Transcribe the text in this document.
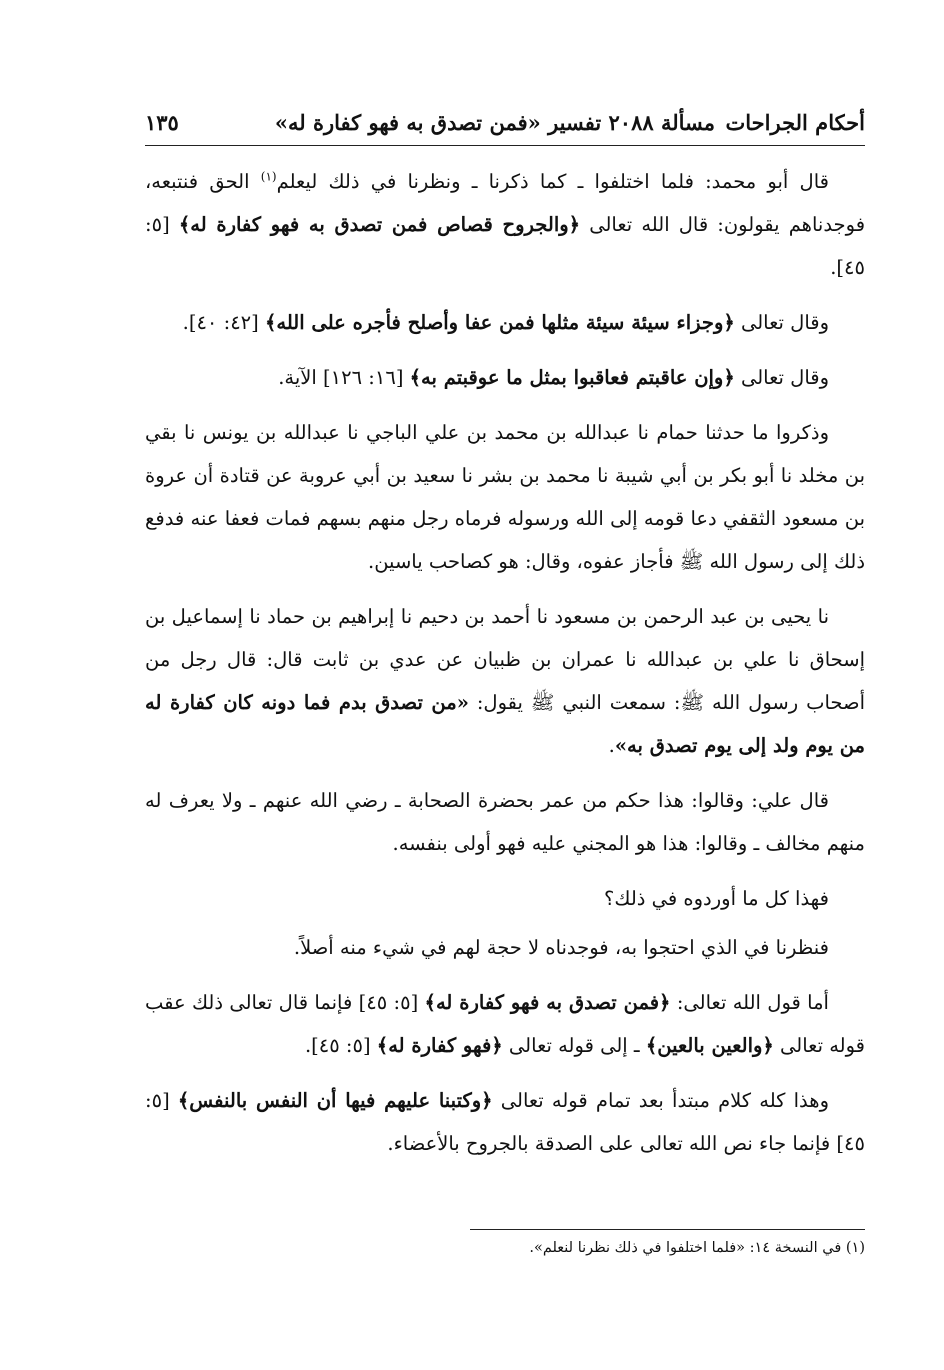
أحكام الجراحات
مسألة ٢٠٨٨ تفسير «فمن تصدق به فهو كفارة له»
١٣٥

قال أبو محمد: فلما اختلفوا ـ كما ذكرنا ـ ونظرنا في ذلك ليعلم$^{(١)}$ الحق فنتبعه، فوجدناهم يقولون: قال الله تعالى ﴿والجروح قصاص فمن تصدق به فهو كفارة له﴾ [٥: ٤٥].

وقال تعالى ﴿وجزاء سيئة سيئة مثلها فمن عفا وأصلح فأجره على الله﴾ [٤٢: ٤٠].

وقال تعالى ﴿وإن عاقبتم فعاقبوا بمثل ما عوقبتم به﴾ [١٦: ١٢٦] الآية.

وذكروا ما حدثنا حمام نا عبدالله بن محمد بن علي الباجي نا عبدالله بن يونس نا بقي بن مخلد نا أبو بكر بن أبي شيبة نا محمد بن بشر نا سعيد بن أبي عروبة عن قتادة أن عروة بن مسعود الثقفي دعا قومه إلى الله ورسوله فرماه رجل منهم بسهم فمات فعفا عنه فدفع ذلك إلى رسول الله ﷺ فأجاز عفوه، وقال: هو كصاحب ياسين.

نا يحيى بن عبد الرحمن بن مسعود نا أحمد بن دحيم نا إبراهيم بن حماد نا إسماعيل بن إسحاق نا علي بن عبدالله نا عمران بن ظبيان عن عدي بن ثابت قال: قال رجل من أصحاب رسول الله ﷺ: سمعت النبي ﷺ يقول: «من تصدق بدم فما دونه كان كفارة له من يوم ولد إلى يوم تصدق به».

قال علي: وقالوا: هذا حكم من عمر بحضرة الصحابة ـ رضي الله عنهم ـ ولا يعرف له منهم مخالف ـ وقالوا: هذا هو المجني عليه فهو أولى بنفسه.

فهذا كل ما أوردوه في ذلك؟

فنظرنا في الذي احتجوا به، فوجدناه لا حجة لهم في شيء منه أصلاً.

أما قول الله تعالى: ﴿فمن تصدق به فهو كفارة له﴾ [٥: ٤٥] فإنما قال تعالى ذلك عقب قوله تعالى ﴿والعين بالعين﴾ ـ إلى قوله تعالى ﴿فهو كفارة له﴾ [٥: ٤٥].

وهذا كله كلام مبتدأ بعد تمام قوله تعالى ﴿وكتبنا عليهم فيها أن النفس بالنفس﴾ [٥: ٤٥] فإنما جاء نص الله تعالى على الصدقة بالجروح بالأعضاء.

(١) في النسخة ١٤: «فلما اختلفوا في ذلك نظرنا لنعلم».
